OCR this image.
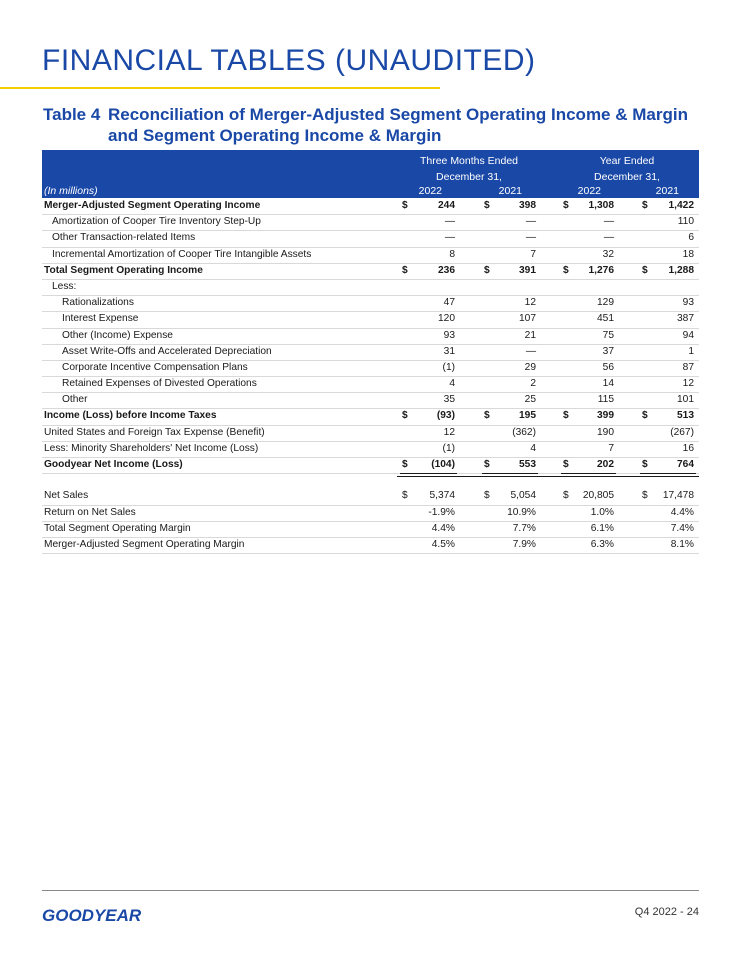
FINANCIAL TABLES (UNAUDITED)
Table 4 Reconciliation of Merger-Adjusted Segment Operating Income & Margin
and Segment Operating Income & Margin
Three Months Ended
December 31,
Year Ended
December 31,
(In millions)	2022	2021	2022	2021
Merger-Adjusted Segment Operating Income	$	244	$	398	$ 1,308	$ 1,422
Amortization of Cooper Tire Inventory Step-Up	—	—	—	110
Other Transaction-related Items	—	—	—	6
Incremental Amortization of Cooper Tire Intangible Assets	8	7	32	18
Total Segment Operating Income	$	236	$	391	$ 1,276	$ 1,288
Less:
Rationalizations	47	12	129	93
Interest Expense	120	107	451	387
Other (Income) Expense	93	21	75	94
Asset Write-Offs and Accelerated Depreciation	31	—	37	1
Corporate Incentive Compensation Plans	(1)	29	56	87
Retained Expenses of Divested Operations	4	2	14	12
Other	35	25	115	101
Income (Loss) before Income Taxes	$	(93)	$	195	$	399	$	513
United States and Foreign Tax Expense (Benefit)	12	(362)	190	(267)
Less: Minority Shareholders' Net Income (Loss)	(1)	4	7	16
Goodyear Net Income (Loss)	$ (104)	$	553	$	202	$	764
Net Sales	$ 5,374	$ 5,054	$ 20,805	$ 17,478
Return on Net Sales	-1.9%	10.9%	1.0%	4.4%
Total Segment Operating Margin	4.4%	7.7%	6.1%	7.4%
Merger-Adjusted Segment Operating Margin	4.5%	7.9%	6.3%	8.1%
GOODYEAR	Q4 2022 - 24
